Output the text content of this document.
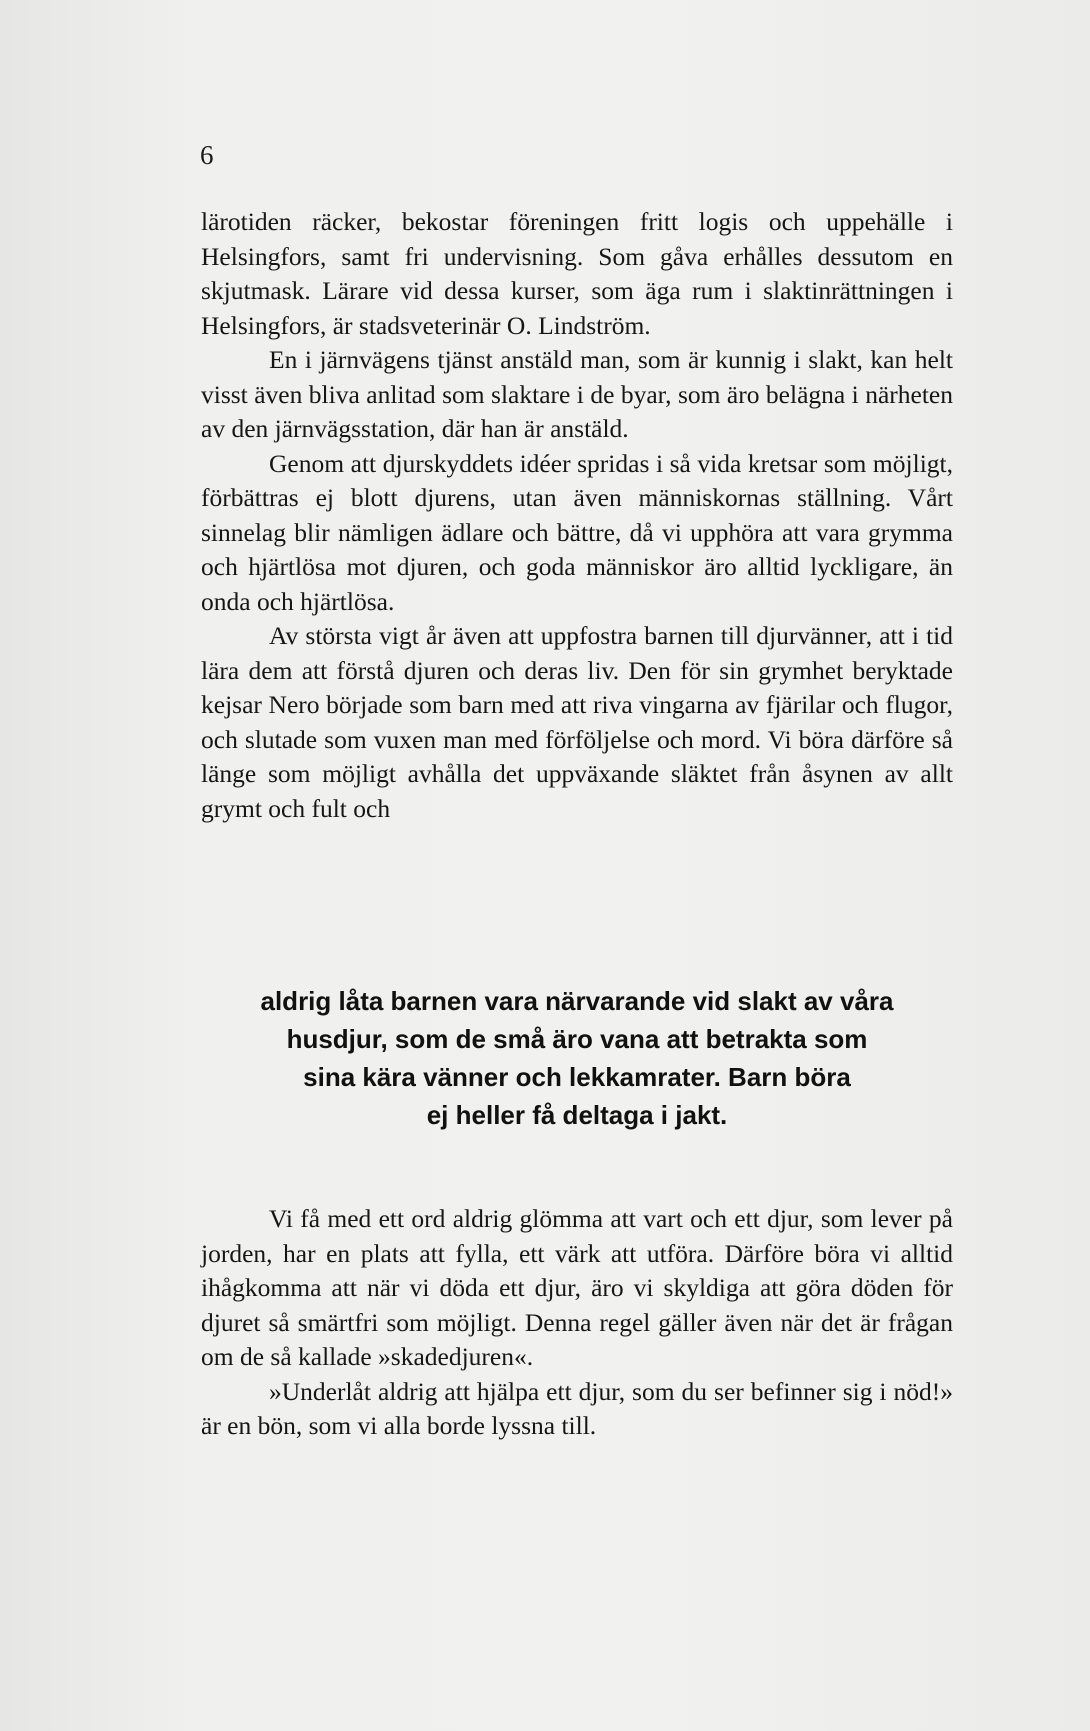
6

lärotiden räcker, bekostar föreningen fritt logis och uppehälle i Helsingfors, samt fri undervisning. Som gåva erhålles dessutom en skjutmask. Lärare vid dessa kurser, som äga rum i slaktinrättningen i Helsingfors, är stadsveterinär O. Lindström.

En i järnvägens tjänst anstäld man, som är kunnig i slakt, kan helt visst även bliva anlitad som slaktare i de byar, som äro belägna i närheten av den järnvägsstation, där han är anstäld.

Genom att djurskyddets idéer spridas i så vida kretsar som möjligt, förbättras ej blott djurens, utan även människornas ställning. Vårt sinnelag blir nämligen ädlare och bättre, då vi upphöra att vara grymma och hjärtlösa mot djuren, och goda människor äro alltid lyckligare, än onda och hjärtlösa.

Av största vigt år även att uppfostra barnen till djurvänner, att i tid lära dem att förstå djuren och deras liv. Den för sin grymhet beryktade kejsar Nero började som barn med att riva vingarna av fjärilar och flugor, och slutade som vuxen man med förföljelse och mord. Vi böra därföre så länge som möjligt avhålla det uppväxande släktet från åsynen av allt grymt och fult och

aldrig låta barnen vara närvarande vid slakt av våra

husdjur, som de små äro vana att betrakta som

sina kära vänner och lekkamrater. Barn böra

ej heller få deltaga i jakt.

Vi få med ett ord aldrig glömma att vart och ett djur, som lever på jorden, har en plats att fylla, ett värk att utföra. Därföre böra vi alltid ihågkomma att när vi döda ett djur, äro vi skyldiga att göra döden för djuret så smärtfri som möjligt. Denna regel gäller även när det är frågan om de så kallade »skadedjuren«.

»Underlåt aldrig att hjälpa ett djur, som du ser befinner sig i nöd!» är en bön, som vi alla borde lyssna till.
